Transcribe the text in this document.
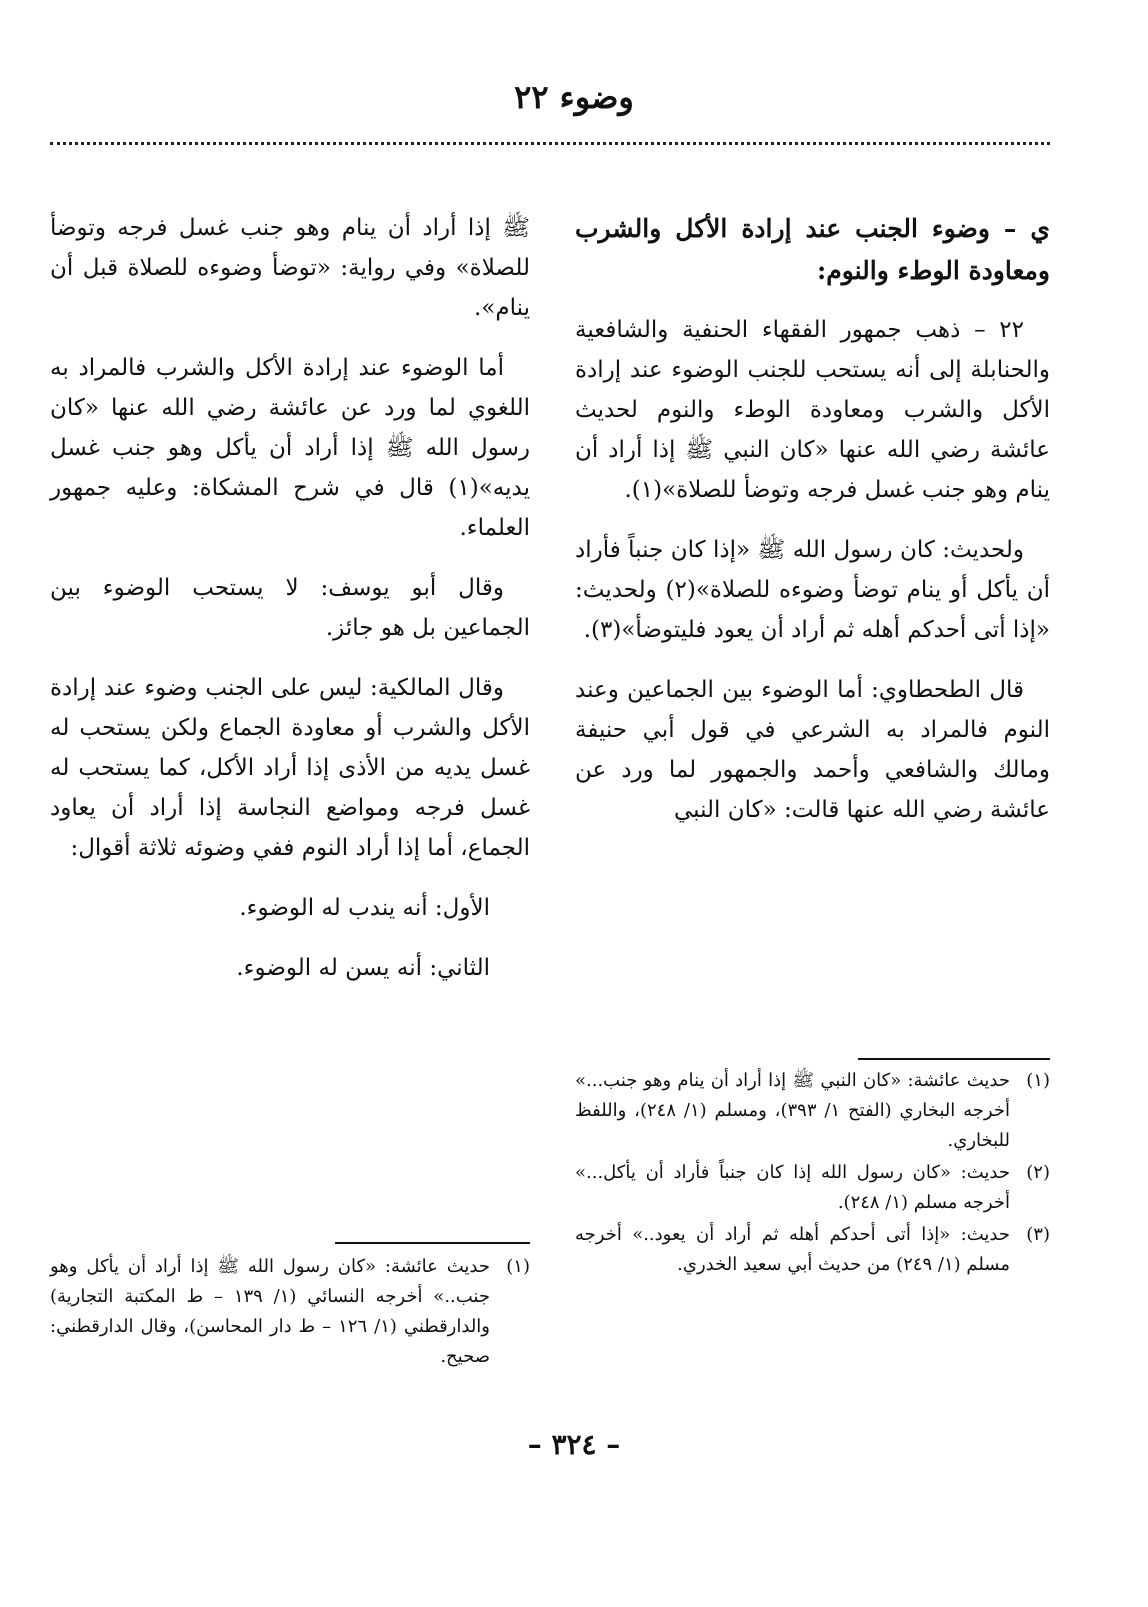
وضوء ٢٢

ي – وضوء الجنب عند إرادة الأكل والشرب ومعاودة الوطء والنوم:

٢٢ – ذهب جمهور الفقهاء الحنفية والشافعية والحنابلة إلى أنه يستحب للجنب الوضوء عند إرادة الأكل والشرب ومعاودة الوطء والنوم لحديث عائشة رضي الله عنها «كان النبي ﷺ إذا أراد أن ينام وهو جنب غسل فرجه وتوضأ للصلاة»(١).

ولحديث: كان رسول الله ﷺ «إذا كان جنباً فأراد أن يأكل أو ينام توضأ وضوءه للصلاة»(٢) ولحديث: «إذا أتى أحدكم أهله ثم أراد أن يعود فليتوضأ»(٣).

قال الطحطاوي: أما الوضوء بين الجماعين وعند النوم فالمراد به الشرعي في قول أبي حنيفة ومالك والشافعي وأحمد والجمهور لما ورد عن عائشة رضي الله عنها قالت: «كان النبي

ﷺ إذا أراد أن ينام وهو جنب غسل فرجه وتوضأ للصلاة» وفي رواية: «توضأ وضوءه للصلاة قبل أن ينام».

أما الوضوء عند إرادة الأكل والشرب فالمراد به اللغوي لما ورد عن عائشة رضي الله عنها «كان رسول الله ﷺ إذا أراد أن يأكل وهو جنب غسل يديه»(١) قال في شرح المشكاة: وعليه جمهور العلماء.

وقال أبو يوسف: لا يستحب الوضوء بين الجماعين بل هو جائز.

وقال المالكية: ليس على الجنب وضوء عند إرادة الأكل والشرب أو معاودة الجماع ولكن يستحب له غسل يديه من الأذى إذا أراد الأكل، كما يستحب له غسل فرجه ومواضع النجاسة إذا أراد أن يعاود الجماع، أما إذا أراد النوم ففي وضوئه ثلاثة أقوال:

الأول: أنه يندب له الوضوء.

الثاني: أنه يسن له الوضوء.

(١)
حديث عائشة: «كان النبي ﷺ إذا أراد أن ينام وهو جنب...» أخرجه البخاري (الفتح ١/ ٣٩٣)، ومسلم (١/ ٢٤٨)، واللفظ للبخاري.
(٢)
حديث: «كان رسول الله إذا كان جنباً فأراد أن يأكل...» أخرجه مسلم (١/ ٢٤٨).
(٣)
حديث: «إذا أتى أحدكم أهله ثم أراد أن يعود..» أخرجه مسلم (١/ ٢٤٩) من حديث أبي سعيد الخدري.
(١)
حديث عائشة: «كان رسول الله ﷺ إذا أراد أن يأكل وهو جنب..» أخرجه النسائي (١/ ١٣٩ – ط المكتبة التجارية) والدارقطني (١/ ١٢٦ – ط دار المحاسن)، وقال الدارقطني: صحيح.
– ٣٢٤ –
